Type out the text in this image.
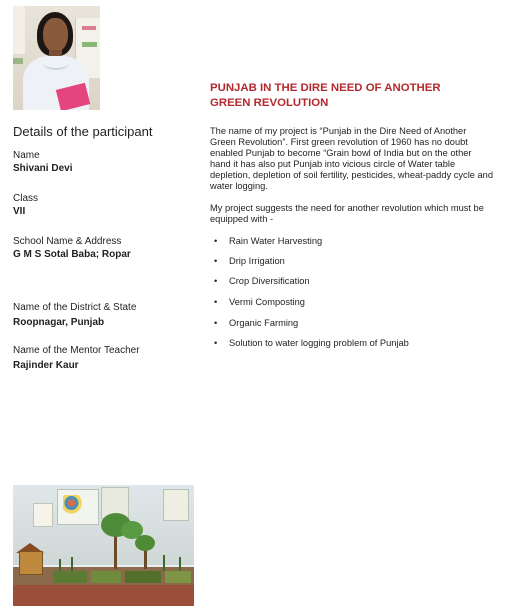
PUNJAB IN THE DIRE NEED OF ANOTHER
GREEN REVOLUTION
Details of the participant
Name
Shivani Devi
Class
VII
School Name & Address
G M S Sotal Baba; Ropar
Name of the District & State
Roopnagar, Punjab
Name of the Mentor Teacher
Rajinder Kaur
The name of my project is “Punjab in the Dire Need of Another Green Revolution”. First green revolution of 1960 has no doubt enabled Punjab to become “Grain bowl of India but on the other hand it has also put Punjab into vicious circle of Water table depletion, depletion of soil fertility, pesticides, wheat-paddy cycle and water logging.
My project suggests the need for another revolution which must be equipped with -
• Rain Water Harvesting
• Drip Irrigation
• Crop Diversification
• Vermi Composting
• Organic Farming
• Solution to water logging problem of Punjab
